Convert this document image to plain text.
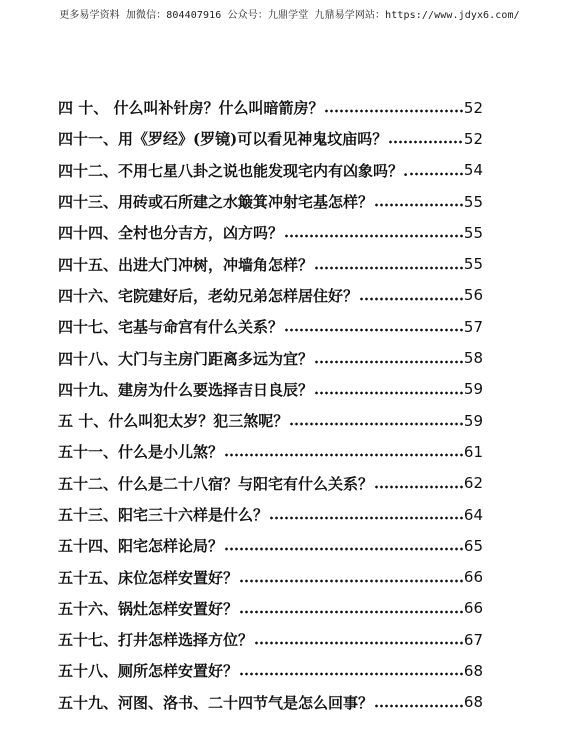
更多易学资料 加微信：804407916 公众号：九鼎学堂 九鼎易学网站：https://www.jdyx6.com/
四 十、 什么叫补针房？什么叫暗箭房？	52
四十一、用《罗经》(罗镜)可以看见神鬼坟庙吗？	52
四十二、不用七星八卦之说也能发现宅内有凶象吗？.	54
四十三、用砖或石所建之水簸箕冲射宅基怎样？	55
四十四、全村也分吉方，凶方吗？	55
四十五、出进大门冲树，冲墙角怎样？	55
四十六、宅院建好后，老幼兄弟怎样居住好？	56
四十七、宅基与命宫有什么关系？	57
四十八、大门与主房门距离多远为宜？	58
四十九、建房为什么要选择吉日良辰？	59
五 十、什么叫犯太岁？犯三煞呢？	59
五十一、什么是小儿煞？	61
五十二、什么是二十八宿？与阳宅有什么关系？	62
五十三、阳宅三十六样是什么？	64
五十四、阳宅怎样论局？	65
五十五、床位怎样安置好？	66
五十六、锅灶怎样安置好？	66
五十七、打井怎样选择方位？	67
五十八、厕所怎样安置好？	68
五十九、河图、洛书、二十四节气是怎么回事？	68
